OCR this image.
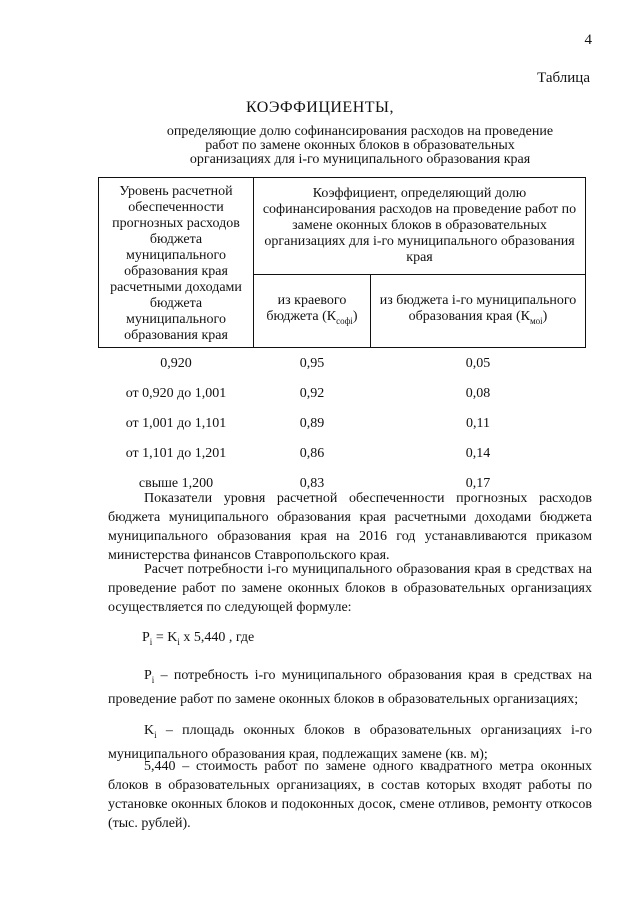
4
Таблица
КОЭФФИЦИЕНТЫ,
определяющие долю софинансирования расходов на проведение
работ по замене оконных блоков в образовательных
организациях для i-го муниципального образования края
Уровень расчетной обеспеченности прогнозных расходов бюджета муниципального образования края расчетными доходами бюджета муниципального образования края	Коэффициент, определяющий долю софинансирования расходов на проведение работ по замене оконных блоков в образовательных организациях для i-го муниципального образования края	
	из краевого бюджета $(К_{софi})$	из бюджета i-го муниципального образования края $(К_{моi})$
0,920	0,95	0,05
от 0,920 до 1,001	0,92	0,08
от 1,001 до 1,101	0,89	0,11
от 1,101 до 1,201	0,86	0,14
свыше 1,200	0,83	0,17
Показатели уровня расчетной обеспеченности прогнозных расходов бюджета муниципального образования края расчетными доходами бюджета муниципального образования края на 2016 год устанавливаются приказом министерства финансов Ставропольского края.
Расчет потребности i-го муниципального образования края в средствах на проведение работ по замене оконных блоков в образовательных организациях осуществляется по следующей формуле:
$P_i = K_i$ x 5,440 , где
$P_i$ – потребность i-го муниципального образования края в средствах на проведение работ по замене оконных блоков в образовательных организациях;
$K_i$ – площадь оконных блоков в образовательных организациях i-го муниципального образования края, подлежащих замене (кв. м);
5,440 – стоимость работ по замене одного квадратного метра оконных блоков в образовательных организациях, в состав которых входят работы по установке оконных блоков и подоконных досок, смене отливов, ремонту откосов (тыс. рублей).
